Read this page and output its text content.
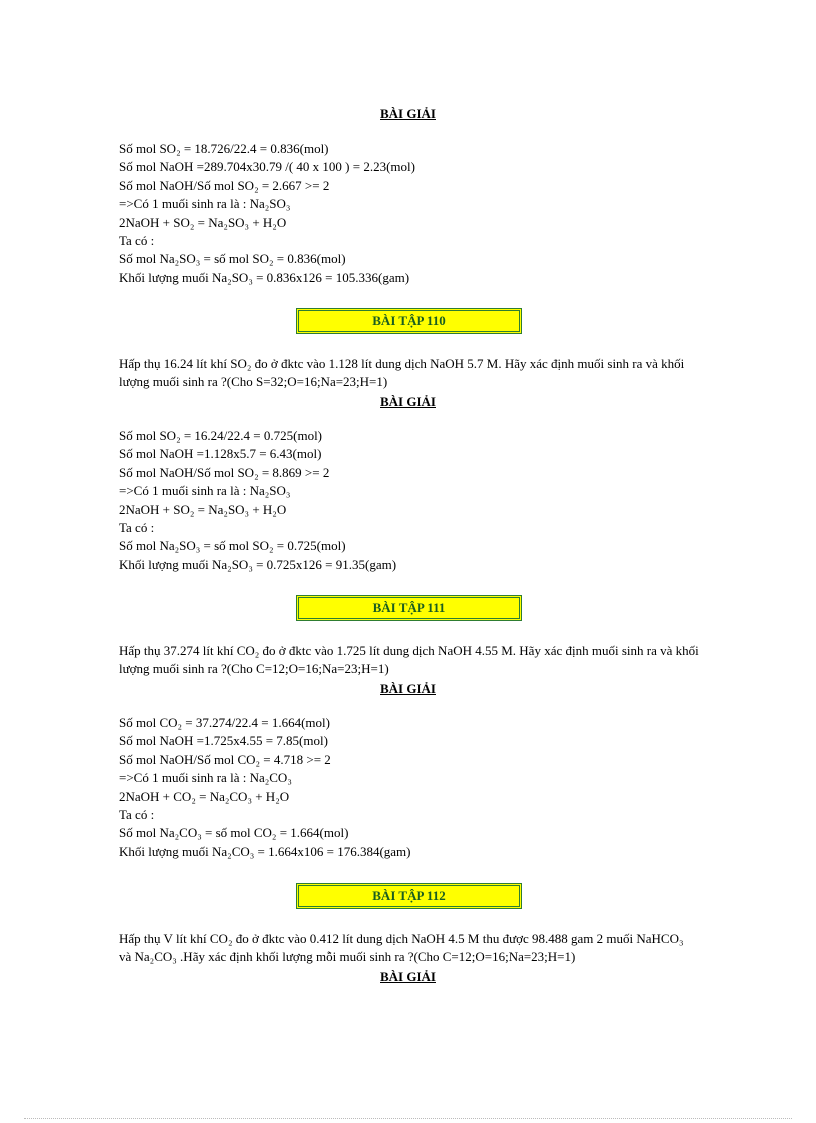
BÀI GIẢI
Số mol SO₂ = 18.726/22.4 = 0.836(mol)
Số mol NaOH =289.704x30.79 /( 40 x 100 ) = 2.23(mol)
Số mol NaOH/Số mol SO₂ = 2.667 >= 2
=>Có 1 muối sinh ra là : Na₂SO₃
2NaOH + SO₂ = Na₂SO₃ + H₂O
Ta có :
Số mol Na₂SO₃ = số mol SO₂ = 0.836(mol)
Khối lượng muối Na₂SO₃ = 0.836x126 = 105.336(gam)
BÀI TẬP 110
Hấp thụ 16.24 lít khí SO₂ đo ở đktc vào 1.128 lít dung dịch NaOH 5.7 M. Hãy xác định muối sinh ra và khối lượng muối sinh ra ?(Cho S=32;O=16;Na=23;H=1)
BÀI GIẢI
Số mol SO₂ = 16.24/22.4 = 0.725(mol)
Số mol NaOH =1.128x5.7 = 6.43(mol)
Số mol NaOH/Số mol SO₂ = 8.869 >= 2
=>Có 1 muối sinh ra là : Na₂SO₃
2NaOH + SO₂ = Na₂SO₃ + H₂O
Ta có :
Số mol Na₂SO₃ = số mol SO₂ = 0.725(mol)
Khối lượng muối Na₂SO₃ = 0.725x126 = 91.35(gam)
BÀI TẬP 111
Hấp thụ 37.274 lít khí CO₂ đo ở đktc vào 1.725 lít dung dịch NaOH 4.55 M. Hãy xác định muối sinh ra và khối lượng muối sinh ra ?(Cho C=12;O=16;Na=23;H=1)
BÀI GIẢI
Số mol CO₂ = 37.274/22.4 = 1.664(mol)
Số mol NaOH =1.725x4.55 = 7.85(mol)
Số mol NaOH/Số mol CO₂ = 4.718 >= 2
=>Có 1 muối sinh ra là : Na₂CO₃
2NaOH + CO₂ = Na₂CO₃ + H₂O
Ta có :
Số mol Na₂CO₃ = số mol CO₂ = 1.664(mol)
Khối lượng muối Na₂CO₃ = 1.664x106 = 176.384(gam)
BÀI TẬP 112
Hấp thụ V lít khí CO₂ đo ở đktc vào 0.412 lít dung dịch NaOH 4.5 M thu được 98.488 gam 2 muối NaHCO₃ và Na₂CO₃ .Hãy xác định khối lượng mỗi muối sinh ra ?(Cho C=12;O=16;Na=23;H=1)
BÀI GIẢI
